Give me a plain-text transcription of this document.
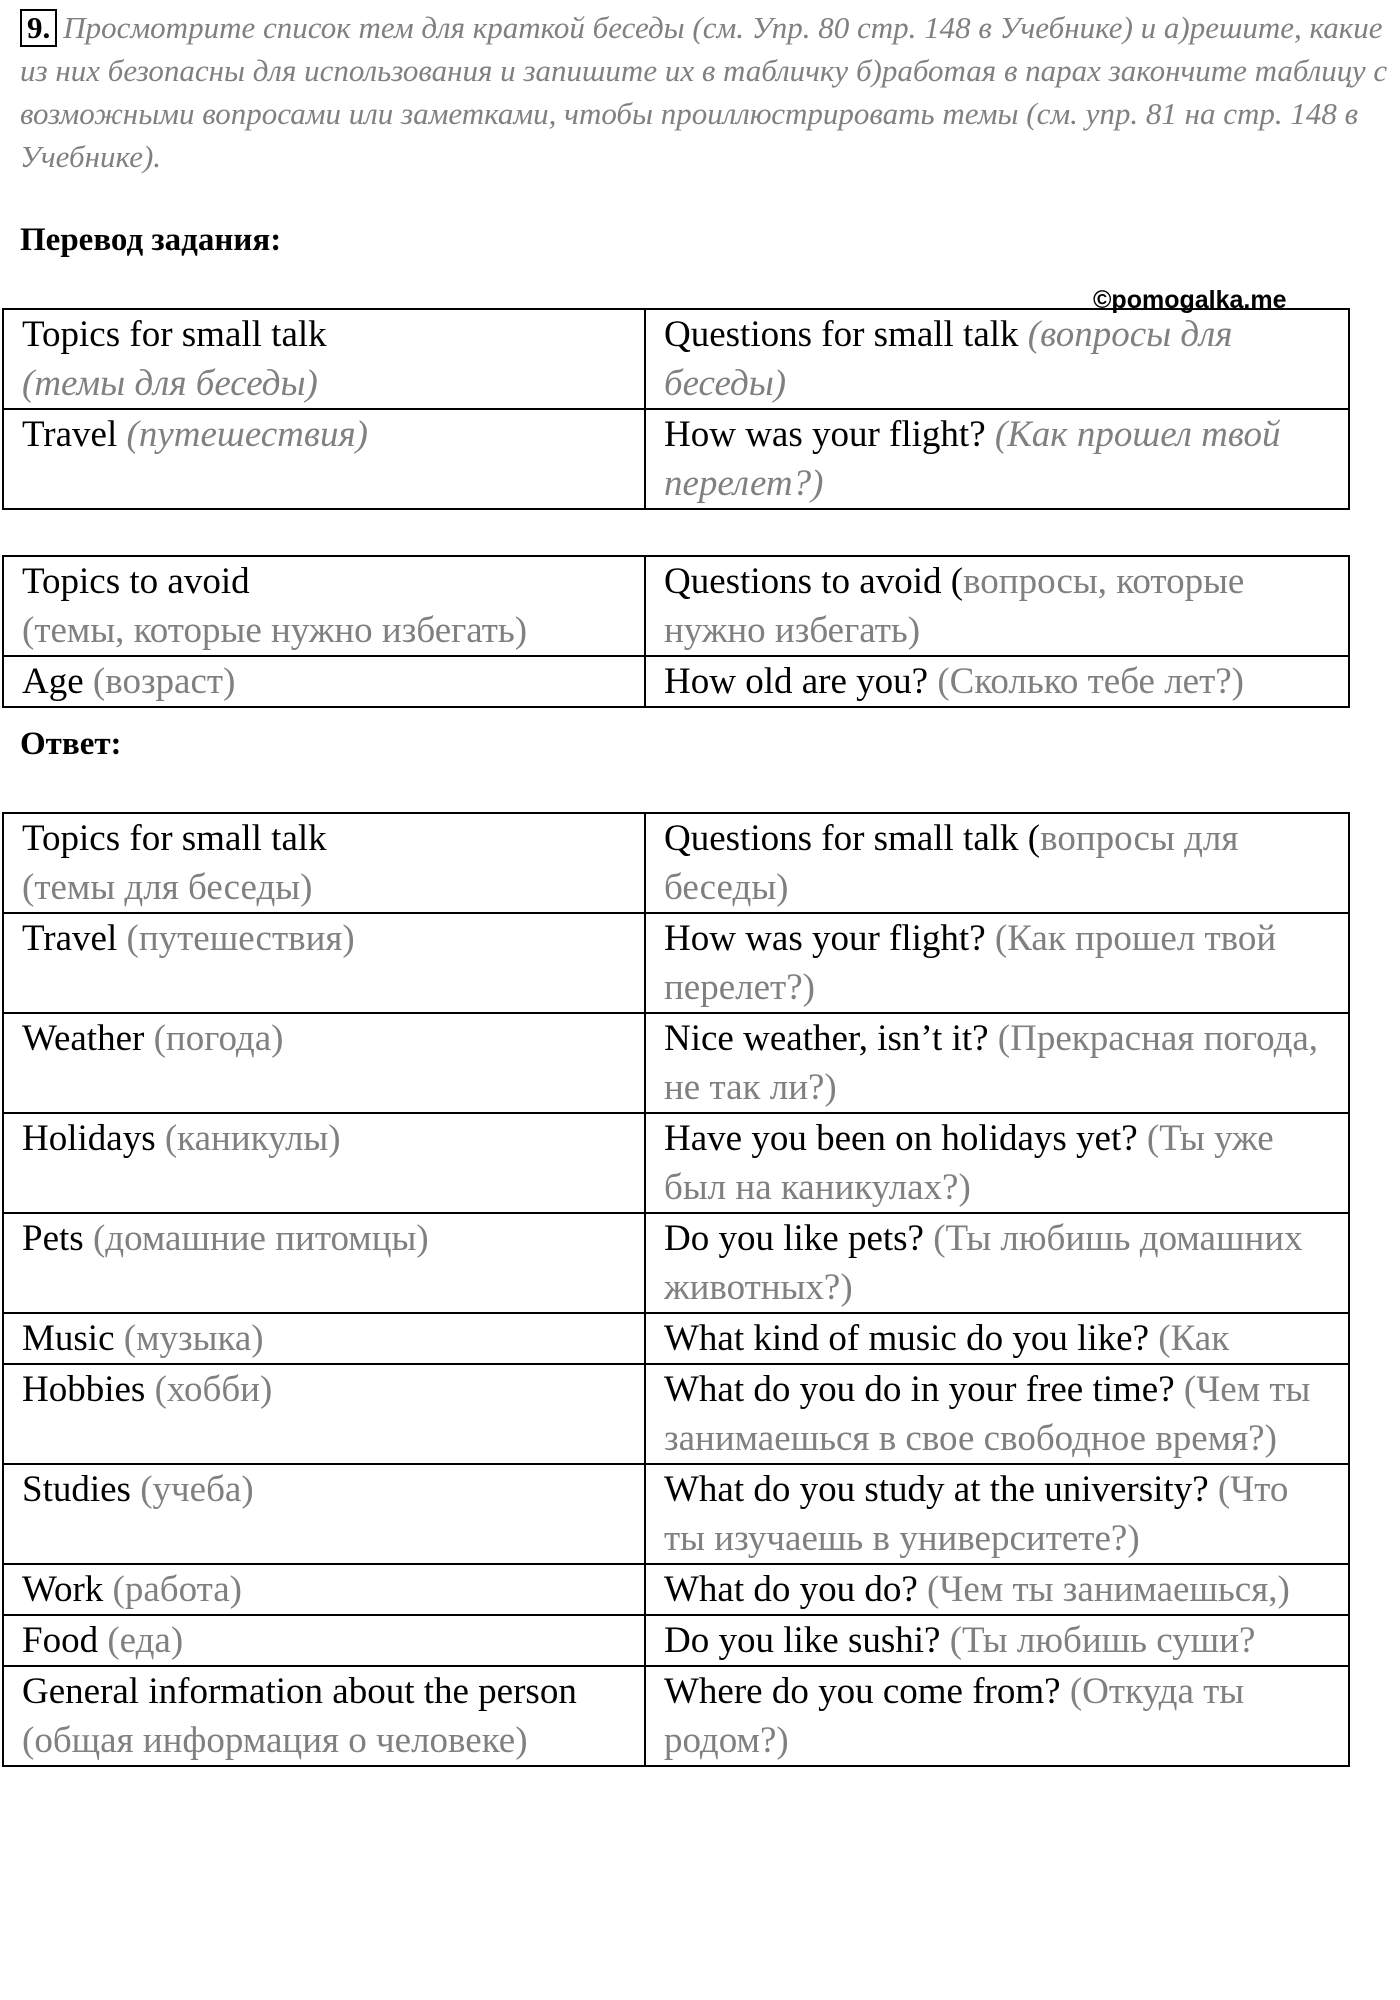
9. Просмотрите список тем для краткой беседы (см. Упр. 80 стр. 148 в Учебнике) и а)решите, какие из них безопасны для использования и запишите их в табличку б)работая в парах закончите таблицу с возможными вопросами или заметками, чтобы проиллюстрировать темы (см. упр. 81 на стр. 148 в Учебнике).
Перевод задания:
©pomogalka.me
Topics for small talk
(темы для беседы)	Questions for small talk (вопросы для беседы)
Travel (путешествия)	How was your flight? (Как прошел твой перелет?)
Topics to avoid
(темы, которые нужно избегать)	Questions to avoid (вопросы, которые нужно избегать)
Age (возраст)	How old are you? (Сколько тебе лет?)
Ответ:
Topics for small talk
(темы для беседы)	Questions for small talk (вопросы для беседы)
Travel (путешествия)	How was your flight? (Как прошел твой перелет?)
Weather (погода)	Nice weather, isn’t it? (Прекрасная погода, не так ли?)
Holidays (каникулы)	Have you been on holidays yet? (Ты уже был на каникулах?)
Pets (домашние питомцы)	Do you like pets? (Ты любишь домашних животных?)
Music (музыка)	What kind of music do you like? (Как
Hobbies (хобби)	What do you do in your free time? (Чем ты занимаешься в свое свободное время?)
Studies (учеба)	What do you study at the university? (Что ты изучаешь в университете?)
Work (работа)	What do you do? (Чем ты занимаешься,)
Food (еда)	Do you like sushi? (Ты любишь суши?
General information about the person (общая информация о человеке)	Where do you come from? (Откуда ты родом?)
